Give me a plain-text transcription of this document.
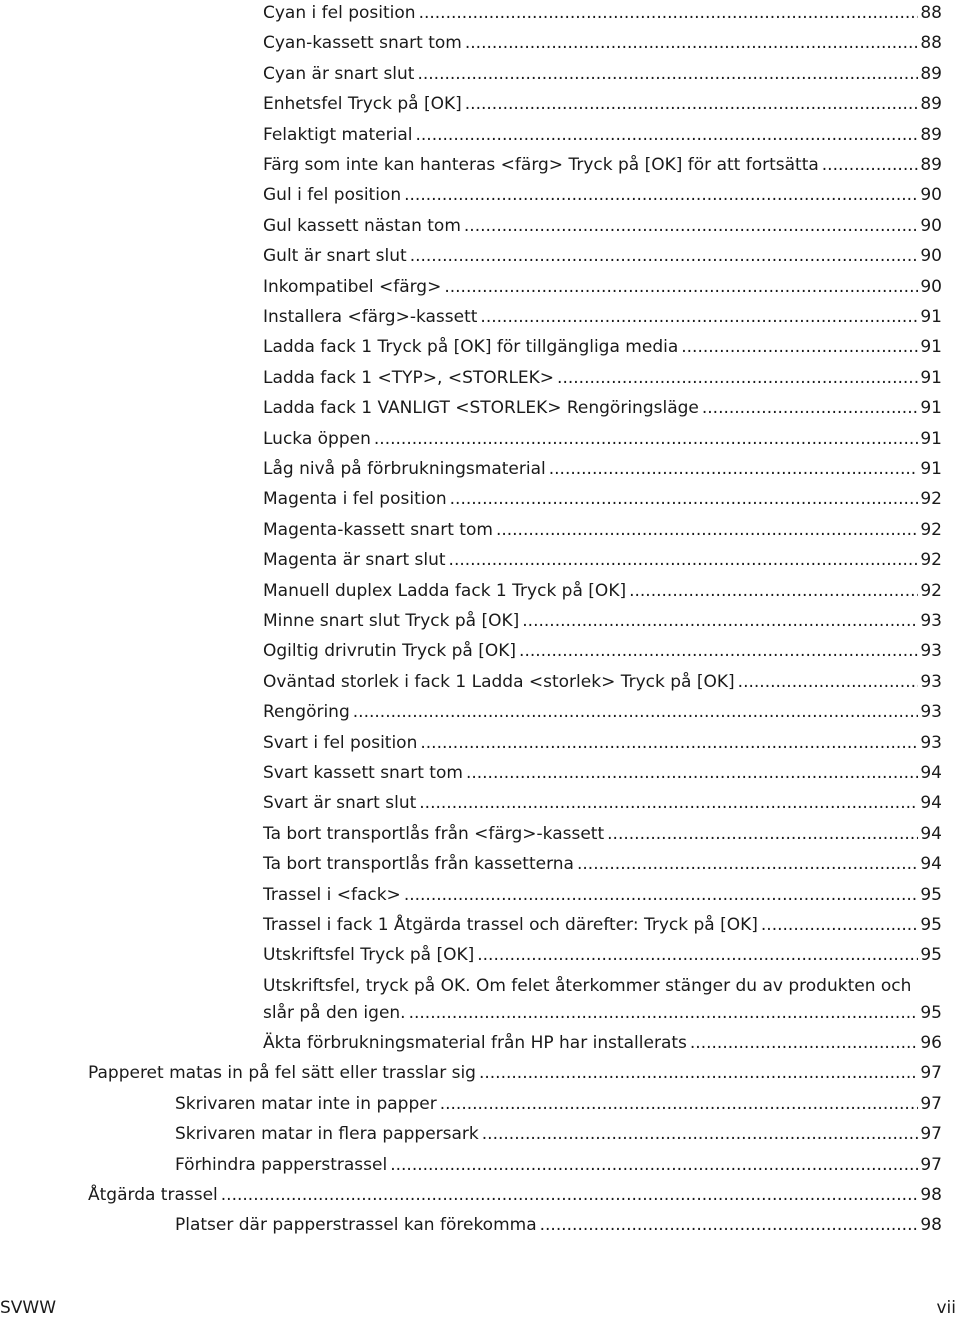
Cyan i fel position .....	88
Cyan-kassett snart tom .....	88
Cyan är snart slut .....	89
Enhetsfel Tryck på [OK] .....	89
Felaktigt material .....	89
Färg som inte kan hanteras <färg> Tryck på [OK] för att fortsätta .....	89
Gul i fel position .....	90
Gul kassett nästan tom .....	90
Gult är snart slut .....	90
Inkompatibel <färg> .....	90
Installera <färg>-kassett .....	91
Ladda fack 1 Tryck på [OK] för tillgängliga media .....	91
Ladda fack 1 <TYP>, <STORLEK> .....	91
Ladda fack 1 VANLIGT <STORLEK> Rengöringsläge .....	91
Lucka öppen .....	91
Låg nivå på förbrukningsmaterial .....	91
Magenta i fel position .....	92
Magenta-kassett snart tom .....	92
Magenta är snart slut .....	92
Manuell duplex Ladda fack 1 Tryck på [OK] .....	92
Minne snart slut Tryck på [OK] .....	93
Ogiltig drivrutin Tryck på [OK] .....	93
Oväntad storlek i fack 1 Ladda <storlek> Tryck på [OK] .....	93
Rengöring .....	93
Svart i fel position .....	93
Svart kassett snart tom .....	94
Svart är snart slut .....	94
Ta bort transportlås från <färg>-kassett .....	94
Ta bort transportlås från kassetterna .....	94
Trassel i <fack> .....	95
Trassel i fack 1 Åtgärda trassel och därefter: Tryck på [OK] .....	95
Utskriftsfel Tryck på [OK] .....	95
Utskriftsfel, tryck på OK. Om felet återkommer stänger du av produkten och
slår på den igen. .....	95
Äkta förbrukningsmaterial från HP har installerats .....	96
Papperet matas in på fel sätt eller trasslar sig .....	97
Skrivaren matar inte in papper .....	97
Skrivaren matar in flera pappersark .....	97
Förhindra papperstrassel .....	97
Åtgärda trassel .....	98
Platser där papperstrassel kan förekomma .....	98
SVWW	vii
